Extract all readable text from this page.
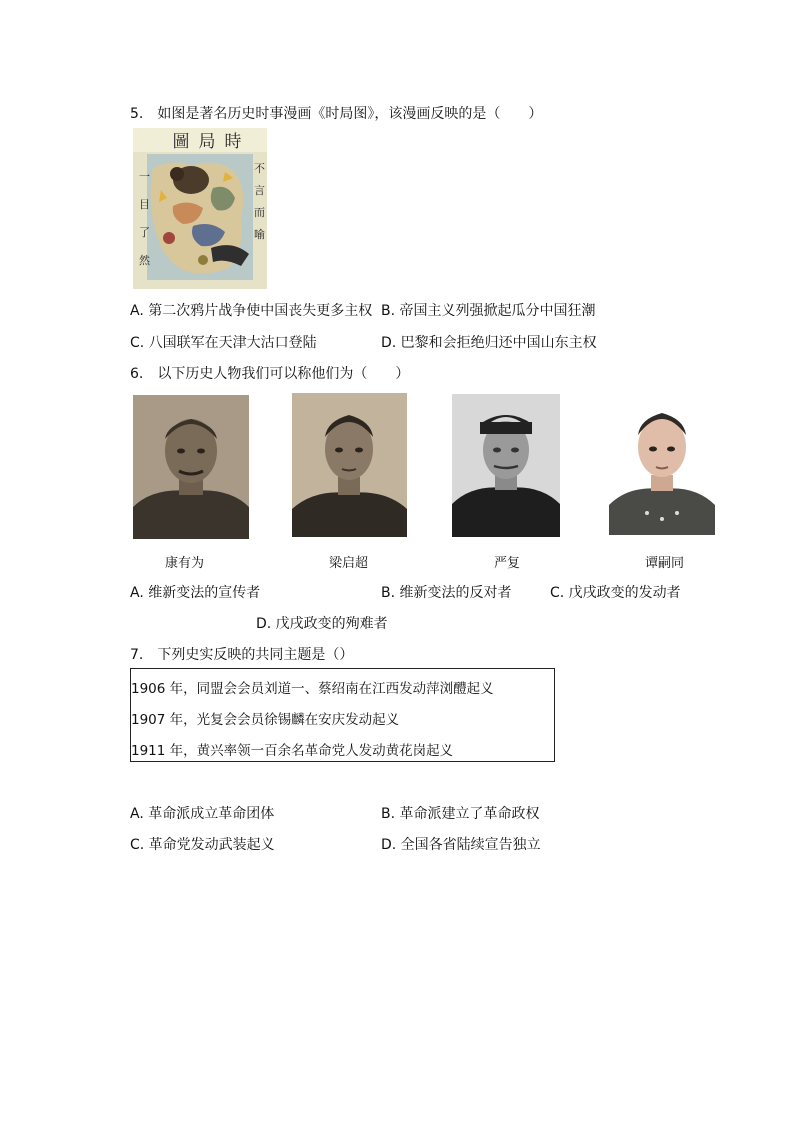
5.　如图是著名历史时事漫画《时局图》，该漫画反映的是（　　）
圖 局 時
一
目
了
然
不
言
而
喻
A. 第二次鸦片战争使中国丧失更多主权 B. 帝国主义列强掀起瓜分中国狂潮
C. 八国联军在天津大沽口登陆	D. 巴黎和会拒绝归还中国山东主权
6.　以下历史人物我们可以称他们为（　　）
康有为	梁启超	严复	谭嗣同
A. 维新变法的宣传者	B. 维新变法的反对者	C. 戊戌政变的发动者
D. 戊戌政变的殉难者
7.　下列史实反映的共同主题是（）
1906 年，同盟会会员刘道一、蔡绍南在江西发动萍浏醴起义
1907 年，光复会会员徐锡麟在安庆发动起义
1911 年，黄兴率领一百余名革命党人发动黄花岗起义
A. 革命派成立革命团体	B. 革命派建立了革命政权
C. 革命党发动武装起义	D. 全国各省陆续宣告独立
